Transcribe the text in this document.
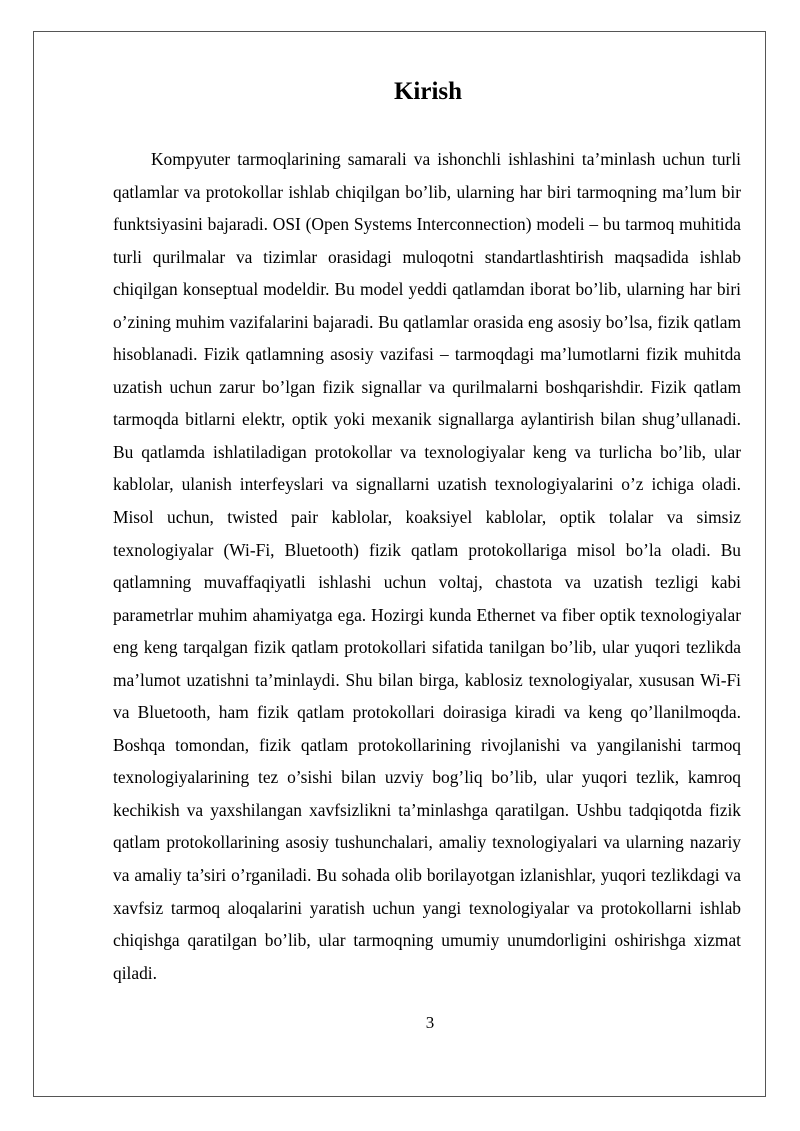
Kirish

Kompyuter tarmoqlarining samarali va ishonchli ishlashini ta’minlash uchun turli qatlamlar va protokollar ishlab chiqilgan bo’lib, ularning har biri tarmoqning ma’lum bir funktsiyasini bajaradi. OSI (Open Systems Interconnection) modeli – bu tarmoq muhitida turli qurilmalar va tizimlar orasidagi muloqotni standartlashtirish maqsadida ishlab chiqilgan konseptual modeldir. Bu model yeddi qatlamdan iborat bo’lib, ularning har biri o’zining muhim vazifalarini bajaradi. Bu qatlamlar orasida eng asosiy bo’lsa, fizik qatlam hisoblanadi. Fizik qatlamning asosiy vazifasi – tarmoqdagi ma’lumotlarni fizik muhitda uzatish uchun zarur bo’lgan fizik signallar va qurilmalarni boshqarishdir. Fizik qatlam tarmoqda bitlarni elektr, optik yoki mexanik signallarga aylantirish bilan shug’ullanadi. Bu qatlamda ishlatiladigan protokollar va texnologiyalar keng va turlicha bo’lib, ular kablolar, ulanish interfeyslari va signallarni uzatish texnologiyalarini o’z ichiga oladi. Misol uchun, twisted pair kablolar, koaksiyel kablolar, optik tolalar va simsiz texnologiyalar (Wi-Fi, Bluetooth) fizik qatlam protokollariga misol bo’la oladi. Bu qatlamning muvaffaqiyatli ishlashi uchun voltaj, chastota va uzatish tezligi kabi parametrlar muhim ahamiyatga ega. Hozirgi kunda Ethernet va fiber optik texnologiyalar eng keng tarqalgan fizik qatlam protokollari sifatida tanilgan bo’lib, ular yuqori tezlikda ma’lumot uzatishni ta’minlaydi. Shu bilan birga, kablosiz texnologiyalar, xususan Wi-Fi va Bluetooth, ham fizik qatlam protokollari doirasiga kiradi va keng qo’llanilmoqda. Boshqa tomondan, fizik qatlam protokollarining rivojlanishi va yangilanishi tarmoq texnologiyalarining tez o’sishi bilan uzviy bog’liq bo’lib, ular yuqori tezlik, kamroq kechikish va yaxshilangan xavfsizlikni ta’minlashga qaratilgan. Ushbu tadqiqotda fizik qatlam protokollarining asosiy tushunchalari, amaliy texnologiyalari va ularning nazariy va amaliy ta’siri o’rganiladi. Bu sohada olib borilayotgan izlanishlar, yuqori tezlikdagi va xavfsiz tarmoq aloqalarini yaratish uchun yangi texnologiyalar va protokollarni ishlab chiqishga qaratilgan bo’lib, ular tarmoqning umumiy unumdorligini oshirishga xizmat qiladi.

3
